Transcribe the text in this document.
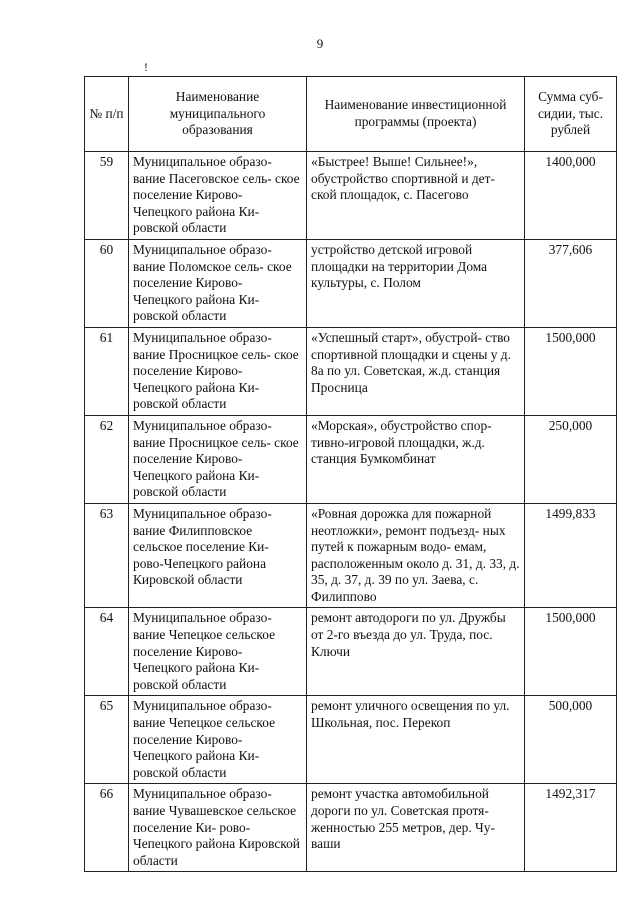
9
!
№ п/п	Наименование муниципального образования	Наименование инвестиционной программы (проекта)	Сумма суб- сидии, тыс. рублей
59	Муниципальное образо- вание Пасеговское сель- ское поселение Кирово- Чепецкого района Ки- ровской области	«Быстрее! Выше! Сильнее!», обустройство спортивной и дет- ской площадок, с. Пасегово	1400,000
60	Муниципальное образо- вание Поломское сель- ское поселение Кирово- Чепецкого района Ки- ровской области	устройство детской игровой площадки на территории Дома культуры, с. Полом	377,606
61	Муниципальное образо- вание Просницкое сель- ское поселение Кирово- Чепецкого района Ки- ровской области	«Успешный старт», обустрой- ство спортивной площадки и сцены у д. 8а по ул. Советская, ж.д. станция Просница	1500,000
62	Муниципальное образо- вание Просницкое сель- ское поселение Кирово- Чепецкого района Ки- ровской области	«Морская», обустройство спор- тивно-игровой площадки, ж.д. станция Бумкомбинат	250,000
63	Муниципальное образо- вание Филипповское сельское поселение Ки- рово-Чепецкого района Кировской области	«Ровная дорожка для пожарной неотложки», ремонт подъезд- ных путей к пожарным водо- емам, расположенным около д. 31, д. 33, д. 35, д. 37, д. 39 по ул. Заева, с. Филиппово	1499,833
64	Муниципальное образо- вание Чепецкое сельское поселение Кирово- Чепецкого района Ки- ровской области	ремонт автодороги по ул. Дружбы от 2-го въезда до ул. Труда, пос. Ключи	1500,000
65	Муниципальное образо- вание Чепецкое сельское поселение Кирово- Чепецкого района Ки- ровской области	ремонт уличного освещения по ул. Школьная, пос. Перекоп	500,000
66	Муниципальное образо- вание Чувашевское сельское поселение Ки- рово-Чепецкого района Кировской области	ремонт участка автомобильной дороги по ул. Советская протя- женностью 255 метров, дер. Чу- ваши	1492,317
